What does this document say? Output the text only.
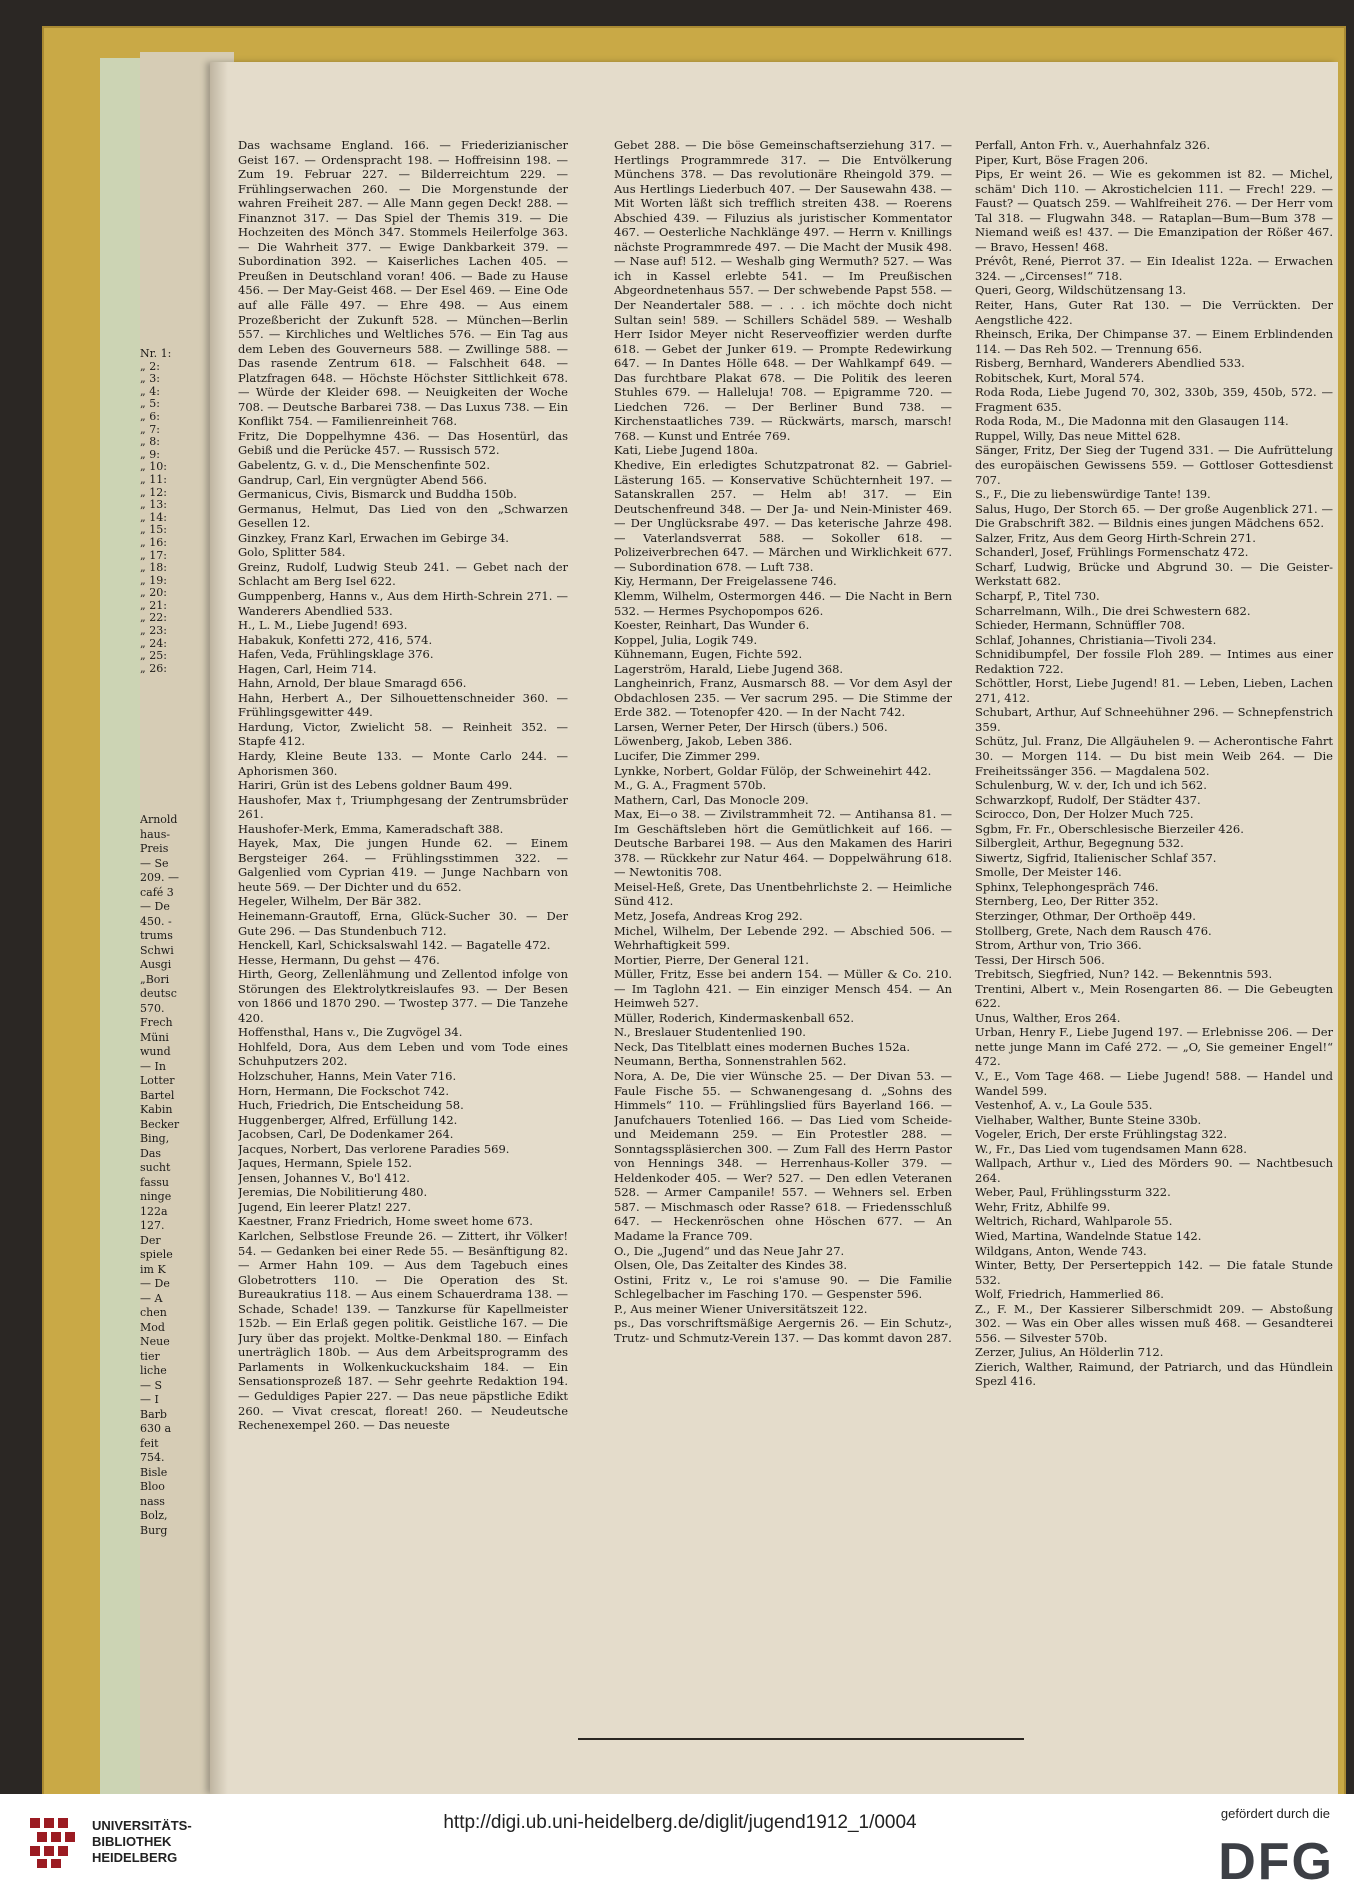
Nr. 1:
„ 2:
„ 3:
„ 4:
„ 5:
„ 6:
„ 7:
„ 8:
„ 9:
„ 10:
„ 11:
„ 12:
„ 13:
„ 14:
„ 15:
„ 16:
„ 17:
„ 18:
„ 19:
„ 20:
„ 21:
„ 22:
„ 23:
„ 24:
„ 25:
„ 26:
Arnold
haus-
Preis
— Se
209. —
café 3
— De
450. -
trums
Schwi
Ausgi
„Bori
deutsc
570.
Frech
Müni
wund
— In
Lotter
Bartel
Kabin
Becker
Bing,
Das
sucht
fassu
ninge
122a
127.
Der
spiele
im K
— De
— A
chen
Mod
Neue
tier
liche
— S
— I
Barb
630 a
feit
754.
Bisle
Bloo
nass
Bolz,
Burg

Das wachsame England. 166. — Friederizianischer Geist 167. — Ordenspracht 198. — Hoffreisinn 198. — Zum 19. Februar 227. — Bilderreichtum 229. — Frühlingserwachen 260. — Die Morgenstunde der wahren Freiheit 287. — Alle Mann gegen Deck! 288. — Finanznot 317. — Das Spiel der Themis 319. — Die Hochzeiten des Mönch 347. Stommels Heilerfolge 363. — Die Wahrheit 377. — Ewige Dankbarkeit 379. — Subordination 392. — Kaiserliches Lachen 405. — Preußen in Deutschland voran! 406. — Bade zu Hause 456. — Der May-Geist 468. — Der Esel 469. — Eine Ode auf alle Fälle 497. — Ehre 498. — Aus einem Prozeßbericht der Zukunft 528. — München—Berlin 557. — Kirchliches und Weltliches 576. — Ein Tag aus dem Leben des Gouverneurs 588. — Zwillinge 588. — Das rasende Zentrum 618. — Falschheit 648. — Platzfragen 648. — Höchste Höchster Sittlichkeit 678. — Würde der Kleider 698. — Neuigkeiten der Woche 708. — Deutsche Barbarei 738. — Das Luxus 738. — Ein Konflikt 754. — Familienreinheit 768.

Fritz, Die Doppelhymne 436. — Das Hosentürl, das Gebiß und die Perücke 457. — Russisch 572.

Gabelentz, G. v. d., Die Menschenfinte 502.

Gandrup, Carl, Ein vergnügter Abend 566.

Germanicus, Civis, Bismarck und Buddha 150b.

Germanus, Helmut, Das Lied von den „Schwarzen Gesellen 12.

Ginzkey, Franz Karl, Erwachen im Gebirge 34.

Golo, Splitter 584.

Greinz, Rudolf, Ludwig Steub 241. — Gebet nach der Schlacht am Berg Isel 622.

Gumppenberg, Hanns v., Aus dem Hirth-Schrein 271. — Wanderers Abendlied 533.

H., L. M., Liebe Jugend! 693.

Habakuk, Konfetti 272, 416, 574.

Hafen, Veda, Frühlingsklage 376.

Hagen, Carl, Heim 714.

Hahn, Arnold, Der blaue Smaragd 656.

Hahn, Herbert A., Der Silhouettenschneider 360. — Frühlingsgewitter 449.

Hardung, Victor, Zwielicht 58. — Reinheit 352. — Stapfe 412.

Hardy, Kleine Beute 133. — Monte Carlo 244. — Aphorismen 360.

Hariri, Grün ist des Lebens goldner Baum 499.

Haushofer, Max †, Triumphgesang der Zentrumsbrüder 261.

Haushofer-Merk, Emma, Kameradschaft 388.

Hayek, Max, Die jungen Hunde 62. — Einem Bergsteiger 264. — Frühlingsstimmen 322. — Galgenlied vom Cyprian 419. — Junge Nachbarn von heute 569. — Der Dichter und du 652.

Hegeler, Wilhelm, Der Bär 382.

Heinemann-Grautoff, Erna, Glück-Sucher 30. — Der Gute 296. — Das Stundenbuch 712.

Henckell, Karl, Schicksalswahl 142. — Bagatelle 472.

Hesse, Hermann, Du gehst — 476.

Hirth, Georg, Zellenlähmung und Zellentod infolge von Störungen des Elektrolytkreislaufes 93. — Der Besen von 1866 und 1870 290. — Twostep 377. — Die Tanzehe 420.

Hoffensthal, Hans v., Die Zugvögel 34.

Hohlfeld, Dora, Aus dem Leben und vom Tode eines Schuhputzers 202.

Holzschuher, Hanns, Mein Vater 716.

Horn, Hermann, Die Fockschot 742.

Huch, Friedrich, Die Entscheidung 58.

Huggenberger, Alfred, Erfüllung 142.

Jacobsen, Carl, De Dodenkamer 264.

Jacques, Norbert, Das verlorene Paradies 569.

Jaques, Hermann, Spiele 152.

Jensen, Johannes V., Bo'l 412.

Jeremias, Die Nobilitierung 480.

Jugend, Ein leerer Platz! 227.

Kaestner, Franz Friedrich, Home sweet home 673.

Karlchen, Selbstlose Freunde 26. — Zittert, ihr Völker! 54. — Gedanken bei einer Rede 55. — Besänftigung 82. — Armer Hahn 109. — Aus dem Tagebuch eines Globetrotters 110. — Die Operation des St. Bureaukratius 118. — Aus einem Schauerdrama 138. — Schade, Schade! 139. — Tanzkurse für Kapellmeister 152b. — Ein Erlaß gegen politik. Geistliche 167. — Die Jury über das projekt. Moltke-Denkmal 180. — Einfach unerträglich 180b. — Aus dem Arbeitsprogramm des Parlaments in Wolkenkuckuckshaim 184. — Ein Sensationsprozeß 187. — Sehr geehrte Redaktion 194. — Geduldiges Papier 227. — Das neue päpstliche Edikt 260. — Vivat crescat, floreat! 260. — Neudeutsche Rechenexempel 260. — Das neueste

Gebet 288. — Die böse Gemeinschaftserziehung 317. — Hertlings Programmrede 317. — Die Entvölkerung Münchens 378. — Das revolutionäre Rheingold 379. — Aus Hertlings Liederbuch 407. — Der Sausewahn 438. — Mit Worten läßt sich trefflich streiten 438. — Roerens Abschied 439. — Filuzius als juristischer Kommentator 467. — Oesterliche Nachklänge 497. — Herrn v. Knillings nächste Programmrede 497. — Die Macht der Musik 498. — Nase auf! 512. — Weshalb ging Wermuth? 527. — Was ich in Kassel erlebte 541. — Im Preußischen Abgeordnetenhaus 557. — Der schwebende Papst 558. — Der Neandertaler 588. — . . . ich möchte doch nicht Sultan sein! 589. — Schillers Schädel 589. — Weshalb Herr Isidor Meyer nicht Reserveoffizier werden durfte 618. — Gebet der Junker 619. — Prompte Redewirkung 647. — In Dantes Hölle 648. — Der Wahlkampf 649. — Das furchtbare Plakat 678. — Die Politik des leeren Stuhles 679. — Halleluja! 708. — Epigramme 720. — Liedchen 726. — Der Berliner Bund 738. — Kirchenstaatliches 739. — Rückwärts, marsch, marsch! 768. — Kunst und Entrée 769.

Kati, Liebe Jugend 180a.

Khedive, Ein erledigtes Schutzpatronat 82. — Gabriel-Lästerung 165. — Konservative Schüchternheit 197. — Satanskrallen 257. — Helm ab! 317. — Ein Deutschenfreund 348. — Der Ja- und Nein-Minister 469. — Der Unglücksrabe 497. — Das keterische Jahrze 498. — Vaterlandsverrat 588. — Sokoller 618. — Polizeiverbrechen 647. — Märchen und Wirklichkeit 677. — Subordination 678. — Luft 738.

Kiy, Hermann, Der Freigelassene 746.

Klemm, Wilhelm, Ostermorgen 446. — Die Nacht in Bern 532. — Hermes Psychopompos 626.

Koester, Reinhart, Das Wunder 6.

Koppel, Julia, Logik 749.

Kühnemann, Eugen, Fichte 592.

Lagerström, Harald, Liebe Jugend 368.

Langheinrich, Franz, Ausmarsch 88. — Vor dem Asyl der Obdachlosen 235. — Ver sacrum 295. — Die Stimme der Erde 382. — Totenopfer 420. — In der Nacht 742.

Larsen, Werner Peter, Der Hirsch (übers.) 506.

Löwenberg, Jakob, Leben 386.

Lucifer, Die Zimmer 299.

Lynkke, Norbert, Goldar Fülöp, der Schweinehirt 442.

M., G. A., Fragment 570b.

Mathern, Carl, Das Monocle 209.

Max, Ei—o 38. — Zivilstrammheit 72. — Antihansa 81. — Im Geschäftsleben hört die Gemütlichkeit auf 166. — Deutsche Barbarei 198. — Aus den Makamen des Hariri 378. — Rückkehr zur Natur 464. — Doppelwährung 618. — Newtonitis 708.

Meisel-Heß, Grete, Das Unentbehrlichste 2. — Heimliche Sünd 412.

Metz, Josefa, Andreas Krog 292.

Michel, Wilhelm, Der Lebende 292. — Abschied 506. — Wehrhaftigkeit 599.

Mortier, Pierre, Der General 121.

Müller, Fritz, Esse bei andern 154. — Müller & Co. 210. — Im Taglohn 421. — Ein einziger Mensch 454. — An Heimweh 527.

Müller, Roderich, Kindermaskenball 652.

N., Breslauer Studentenlied 190.

Neck, Das Titelblatt eines modernen Buches 152a.

Neumann, Bertha, Sonnenstrahlen 562.

Nora, A. De, Die vier Wünsche 25. — Der Divan 53. — Faule Fische 55. — Schwanengesang d. „Sohns des Himmels“ 110. — Frühlingslied fürs Bayerland 166. — Janufchauers Totenlied 166. — Das Lied vom Scheide- und Meidemann 259. — Ein Protestler 288. — Sonntagsspläsierchen 300. — Zum Fall des Herrn Pastor von Hennings 348. — Herrenhaus-Koller 379. — Heldenkoder 405. — Wer? 527. — Den edlen Veteranen 528. — Armer Campanile! 557. — Wehners sel. Erben 587. — Mischmasch oder Rasse? 618. — Friedensschluß 647. — Heckenröschen ohne Höschen 677. — An Madame la France 709.

O., Die „Jugend“ und das Neue Jahr 27.

Olsen, Ole, Das Zeitalter des Kindes 38.

Ostini, Fritz v., Le roi s'amuse 90. — Die Familie Schlegelbacher im Fasching 170. — Gespenster 596.

P., Aus meiner Wiener Universitätszeit 122.

ps., Das vorschriftsmäßige Aergernis 26. — Ein Schutz-, Trutz- und Schmutz-Verein 137. — Das kommt davon 287.

Perfall, Anton Frh. v., Auerhahnfalz 326.

Piper, Kurt, Böse Fragen 206.

Pips, Er weint 26. — Wie es gekommen ist 82. — Michel, schäm' Dich 110. — Akrostichelcien 111. — Frech! 229. — Faust? — Quatsch 259. — Wahlfreiheit 276. — Der Herr vom Tal 318. — Flugwahn 348. — Rataplan—Bum—Bum 378 — Niemand weiß es! 437. — Die Emanzipation der Rößer 467. — Bravo, Hessen! 468.

Prévôt, René, Pierrot 37. — Ein Idealist 122a. — Erwachen 324. — „Circenses!“ 718.

Queri, Georg, Wildschützensang 13.

Reiter, Hans, Guter Rat 130. — Die Verrückten. Der Aengstliche 422.

Rheinsch, Erika, Der Chimpanse 37. — Einem Erblindenden 114. — Das Reh 502. — Trennung 656.

Risberg, Bernhard, Wanderers Abendlied 533.

Robitschek, Kurt, Moral 574.

Roda Roda, Liebe Jugend 70, 302, 330b, 359, 450b, 572. — Fragment 635.

Roda Roda, M., Die Madonna mit den Glasaugen 114.

Ruppel, Willy, Das neue Mittel 628.

Sänger, Fritz, Der Sieg der Tugend 331. — Die Aufrüttelung des europäischen Gewissens 559. — Gottloser Gottesdienst 707.

S., F., Die zu liebenswürdige Tante! 139.

Salus, Hugo, Der Storch 65. — Der große Augenblick 271. — Die Grabschrift 382. — Bildnis eines jungen Mädchens 652.

Salzer, Fritz, Aus dem Georg Hirth-Schrein 271.

Schanderl, Josef, Frühlings Formenschatz 472.

Scharf, Ludwig, Brücke und Abgrund 30. — Die Geister-Werkstatt 682.

Scharpf, P., Titel 730.

Scharrelmann, Wilh., Die drei Schwestern 682.

Schieder, Hermann, Schnüffler 708.

Schlaf, Johannes, Christiania—Tivoli 234.

Schnidibumpfel, Der fossile Floh 289. — Intimes aus einer Redaktion 722.

Schöttler, Horst, Liebe Jugend! 81. — Leben, Lieben, Lachen 271, 412.

Schubart, Arthur, Auf Schneehühner 296. — Schnepfenstrich 359.

Schütz, Jul. Franz, Die Allgäuhelen 9. — Acherontische Fahrt 30. — Morgen 114. — Du bist mein Weib 264. — Die Freiheitssänger 356. — Magdalena 502.

Schulenburg, W. v. der, Ich und ich 562.

Schwarzkopf, Rudolf, Der Städter 437.

Scirocco, Don, Der Holzer Much 725.

Sgbm, Fr. Fr., Oberschlesische Bierzeiler 426.

Silbergleit, Arthur, Begegnung 532.

Siwertz, Sigfrid, Italienischer Schlaf 357.

Smolle, Der Meister 146.

Sphinx, Telephongespräch 746.

Sternberg, Leo, Der Ritter 352.

Sterzinger, Othmar, Der Orthoëp 449.

Stollberg, Grete, Nach dem Rausch 476.

Strom, Arthur von, Trio 366.

Tessi, Der Hirsch 506.

Trebitsch, Siegfried, Nun? 142. — Bekenntnis 593.

Trentini, Albert v., Mein Rosengarten 86. — Die Gebeugten 622.

Unus, Walther, Eros 264.

Urban, Henry F., Liebe Jugend 197. — Erlebnisse 206. — Der nette junge Mann im Café 272. — „O, Sie gemeiner Engel!“ 472.

V., E., Vom Tage 468. — Liebe Jugend! 588. — Handel und Wandel 599.

Vestenhof, A. v., La Goule 535.

Vielhaber, Walther, Bunte Steine 330b.

Vogeler, Erich, Der erste Frühlingstag 322.

W., Fr., Das Lied vom tugendsamen Mann 628.

Wallpach, Arthur v., Lied des Mörders 90. — Nachtbesuch 264.

Weber, Paul, Frühlingssturm 322.

Wehr, Fritz, Abhilfe 99.

Weltrich, Richard, Wahlparole 55.

Wied, Martina, Wandelnde Statue 142.

Wildgans, Anton, Wende 743.

Winter, Betty, Der Perserteppich 142. — Die fatale Stunde 532.

Wolf, Friedrich, Hammerlied 86.

Z., F. M., Der Kassierer Silberschmidt 209. — Abstoßung 302. — Was ein Ober alles wissen muß 468. — Gesandterei 556. — Silvester 570b.

Zerzer, Julius, An Hölderlin 712.

Zierich, Walther, Raimund, der Patriarch, und das Hündlein Spezl 416.

UNIVERSITÄTS-
BIBLIOTHEK
HEIDELBERG
http://digi.ub.uni-heidelberg.de/diglit/jugend1912_1/0004	gefördert durch die
DFG
